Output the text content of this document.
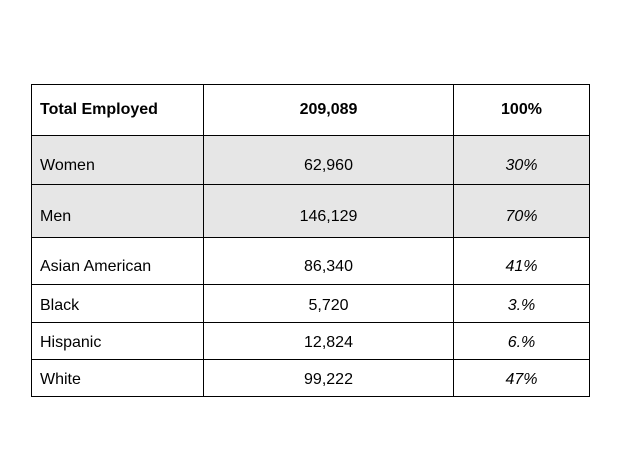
Total Employed	209,089	100%
Women	62,960	30%
Men	146,129	70%
Asian American	86,340	41%
Black	5,720	3.%
Hispanic	12,824	6.%
White	99,222	47%
